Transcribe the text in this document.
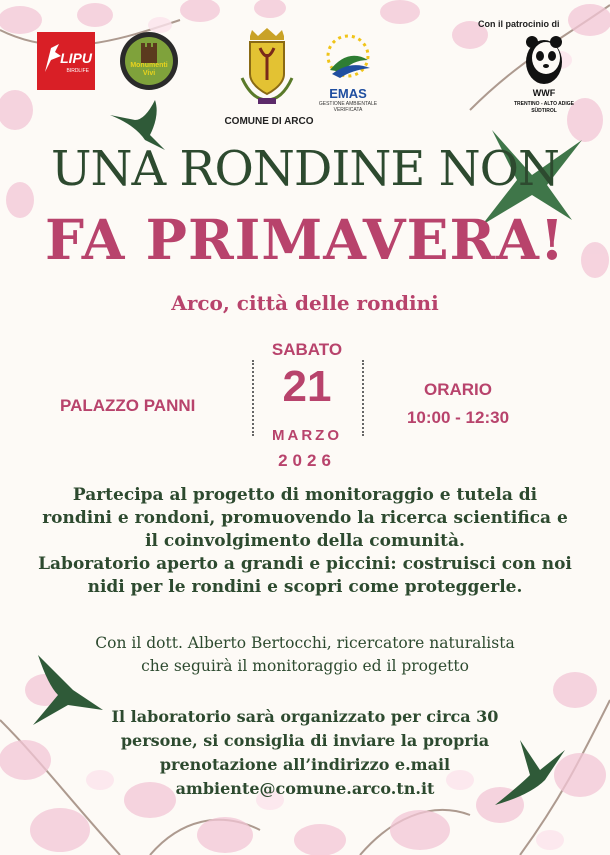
LIPU
BIRDLIFE
Monumenti
Vivi
COMUNE DI ARCO
EMAS
GESTIONE AMBIENTALE
VERIFICATA
Con il patrocinio di
WWF
TRENTINO - ALTO ADIGE SÜDTIROL
UNA RONDINE NON
FA PRIMAVERA!
Arco, città delle rondini
PALAZZO PANNI
SABATO
21
MARZO
2026
ORARIO
10:00 - 12:30
Partecipa al progetto di monitoraggio e tutela di
rondini e rondoni, promuovendo la ricerca scientifica e
il coinvolgimento della comunità.
Laboratorio aperto a grandi e piccini: costruisci con noi
nidi per le rondini e scopri come proteggerle.
Con il dott. Alberto Bertocchi, ricercatore naturalista
che seguirà il monitoraggio ed il progetto
Il laboratorio sarà organizzato per circa 30
persone, si consiglia di inviare la propria
prenotazione all’indirizzo e.mail
ambiente@comune.arco.tn.it
